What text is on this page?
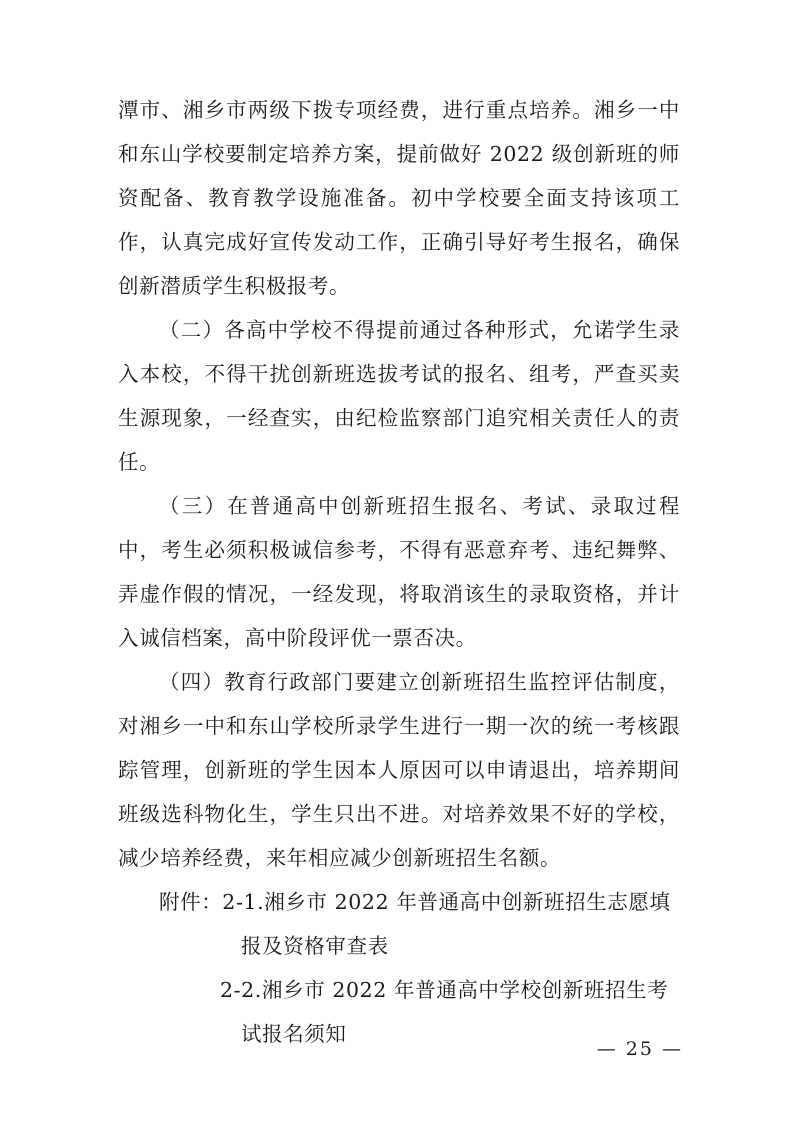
潭市、湘乡市两级下拨专项经费，进行重点培养。湘乡一中和东山学校要制定培养方案，提前做好 2022 级创新班的师资配备、教育教学设施准备。初中学校要全面支持该项工作，认真完成好宣传发动工作，正确引导好考生报名，确保创新潜质学生积极报考。

（二）各高中学校不得提前通过各种形式，允诺学生录入本校，不得干扰创新班选拔考试的报名、组考，严查买卖生源现象，一经查实，由纪检监察部门追究相关责任人的责任。

（三）在普通高中创新班招生报名、考试、录取过程中，考生必须积极诚信参考，不得有恶意弃考、违纪舞弊、弄虚作假的情况，一经发现，将取消该生的录取资格，并计入诚信档案，高中阶段评优一票否决。

（四）教育行政部门要建立创新班招生监控评估制度，对湘乡一中和东山学校所录学生进行一期一次的统一考核跟踪管理，创新班的学生因本人原因可以申请退出，培养期间班级选科物化生，学生只出不进。对培养效果不好的学校，减少培养经费，来年相应减少创新班招生名额。

附件：2-1.湘乡市 2022 年普通高中创新班招生志愿填
报及资格审查表
2-2.湘乡市 2022 年普通高中学校创新班招生考
试报名须知
— 25 —
